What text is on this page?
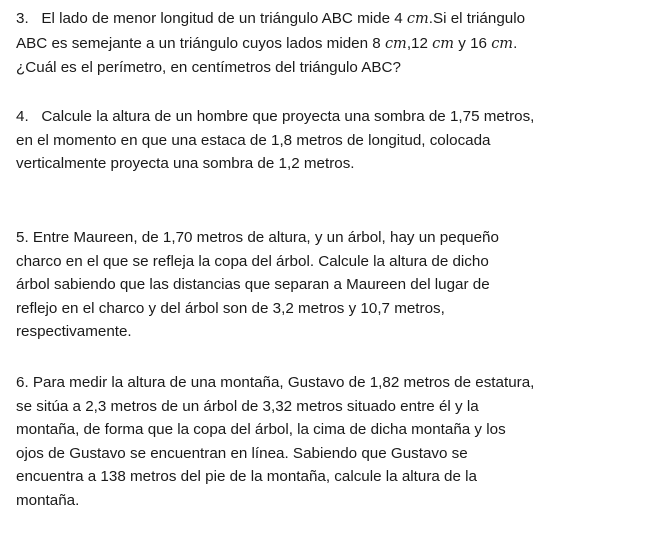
3. El lado de menor longitud de un triángulo ABC mide 4 cm.Si el triángulo
ABC es semejante a un triángulo cuyos lados miden 8 cm,12 cm y 16 cm.
¿Cuál es el perímetro, en centímetros del triángulo ABC?
4. Calcule la altura de un hombre que proyecta una sombra de 1,75 metros,
en el momento en que una estaca de 1,8 metros de longitud, colocada
verticalmente proyecta una sombra de 1,2 metros.
5. Entre Maureen, de 1,70 metros de altura, y un árbol, hay un pequeño
charco en el que se refleja la copa del árbol. Calcule la altura de dicho
árbol sabiendo que las distancias que separan a Maureen del lugar de
reflejo en el charco y del árbol son de 3,2 metros y 10,7 metros,
respectivamente.
6. Para medir la altura de una montaña, Gustavo de 1,82 metros de estatura,
se sitúa a 2,3 metros de un árbol de 3,32 metros situado entre él y la
montaña, de forma que la copa del árbol, la cima de dicha montaña y los
ojos de Gustavo se encuentran en línea. Sabiendo que Gustavo se
encuentra a 138 metros del pie de la montaña, calcule la altura de la
montaña.
